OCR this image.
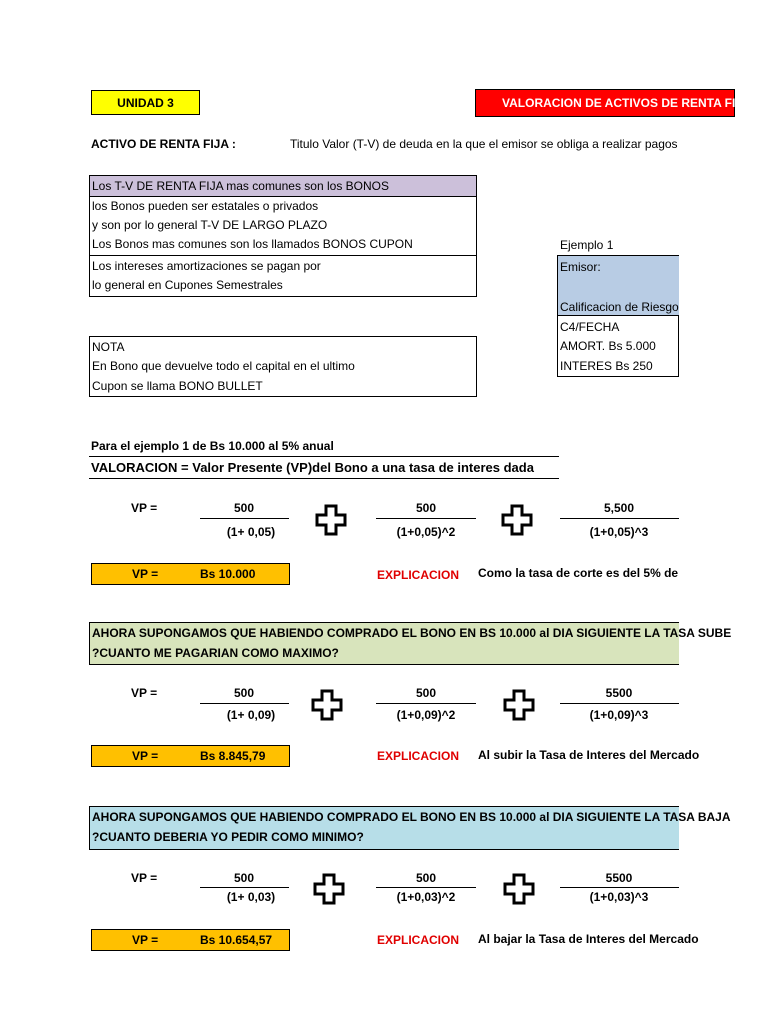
UNIDAD 3	VALORACION DE ACTIVOS DE RENTA FIJA
ACTIVO DE RENTA FIJA :	Titulo Valor (T-V) de deuda en la que el emisor se obliga a realizar pagos
Los T-V DE RENTA FIJA mas comunes son los BONOS
los Bonos pueden ser estatales o privados
y son por lo general T-V DE LARGO PLAZO
Los Bonos mas comunes son los llamados BONOS CUPON
Los intereses amortizaciones se pagan por
lo general en Cupones Semestrales
NOTA
En Bono que devuelve todo el capital en el ultimo
Cupon se llama BONO BULLET
Ejemplo 1
Emisor:
Calificacion de Riesgo
C4/FECHA
AMORT. Bs 5.000
INTERES Bs 250
Para el ejemplo 1 de Bs 10.000 al 5% anual
VALORACION = Valor Presente (VP)del Bono a una tasa de interes dada
VP =	500
(1+ 0,05)
500
(1+0,05)^2
5,500
(1+0,05)^3
VP =	Bs 10.000	EXPLICACION Como la tasa de corte es del 5% de
AHORA SUPONGAMOS QUE HABIENDO COMPRADO EL BONO EN BS 10.000 al DIA SIGUIENTE LA TASA SUBE
?CUANTO ME PAGARIAN COMO MAXIMO?
VP =	500
(1+ 0,09)
500
(1+0,09)^2
5500
(1+0,09)^3
VP =	Bs 8.845,79	EXPLICACION Al subir la Tasa de Interes del Mercado
AHORA SUPONGAMOS QUE HABIENDO COMPRADO EL BONO EN BS 10.000 al DIA SIGUIENTE LA TASA BAJA
?CUANTO DEBERIA YO PEDIR COMO MINIMO?
VP =	500
(1+ 0,03)
500
(1+0,03)^2
5500
(1+0,03)^3
VP =	Bs 10.654,57	EXPLICACION Al bajar la Tasa de Interes del Mercado
